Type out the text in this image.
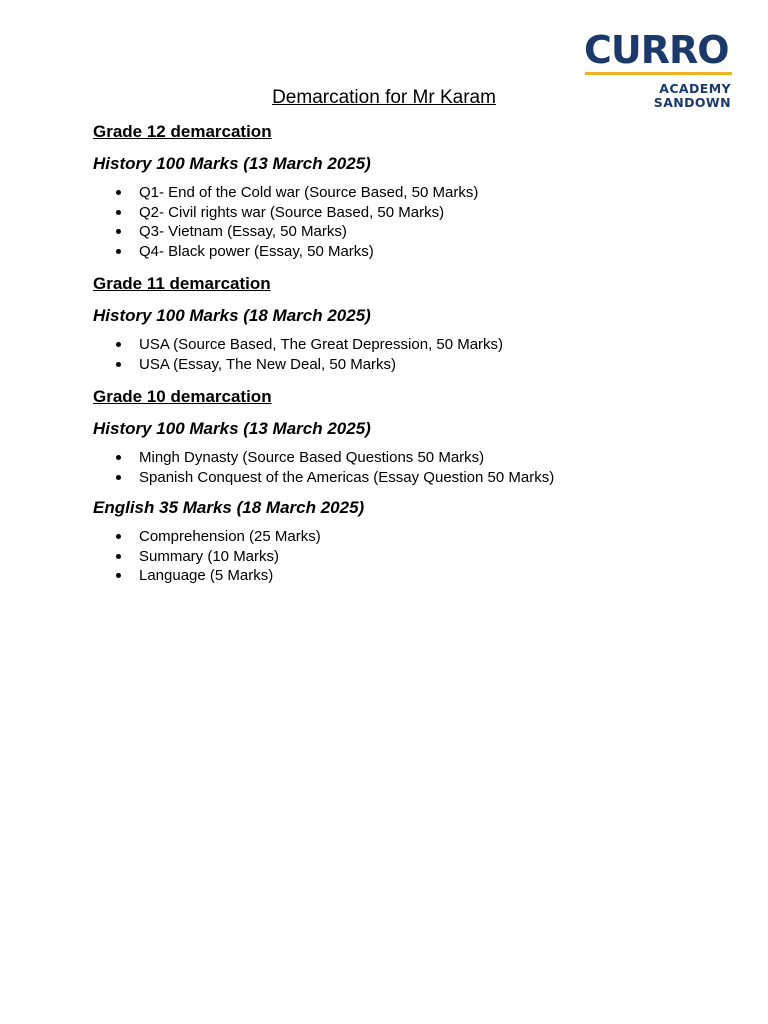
CURRO
ACADEMY
SANDOWN
Demarcation for Mr Karam
Grade 12 demarcation
History 100 Marks (13 March 2025)
Q1- End of the Cold war (Source Based, 50 Marks)
Q2- Civil rights war (Source Based, 50 Marks)
Q3- Vietnam (Essay, 50 Marks)
Q4- Black power (Essay, 50 Marks)
Grade 11 demarcation
History 100 Marks (18 March 2025)
USA (Source Based, The Great Depression, 50 Marks)
USA (Essay, The New Deal, 50 Marks)
Grade 10 demarcation
History 100 Marks (13 March 2025)
Mingh Dynasty (Source Based Questions 50 Marks)
Spanish Conquest of the Americas (Essay Question 50 Marks)
English 35 Marks (18 March 2025)
Comprehension (25 Marks)
Summary (10 Marks)
Language (5 Marks)
